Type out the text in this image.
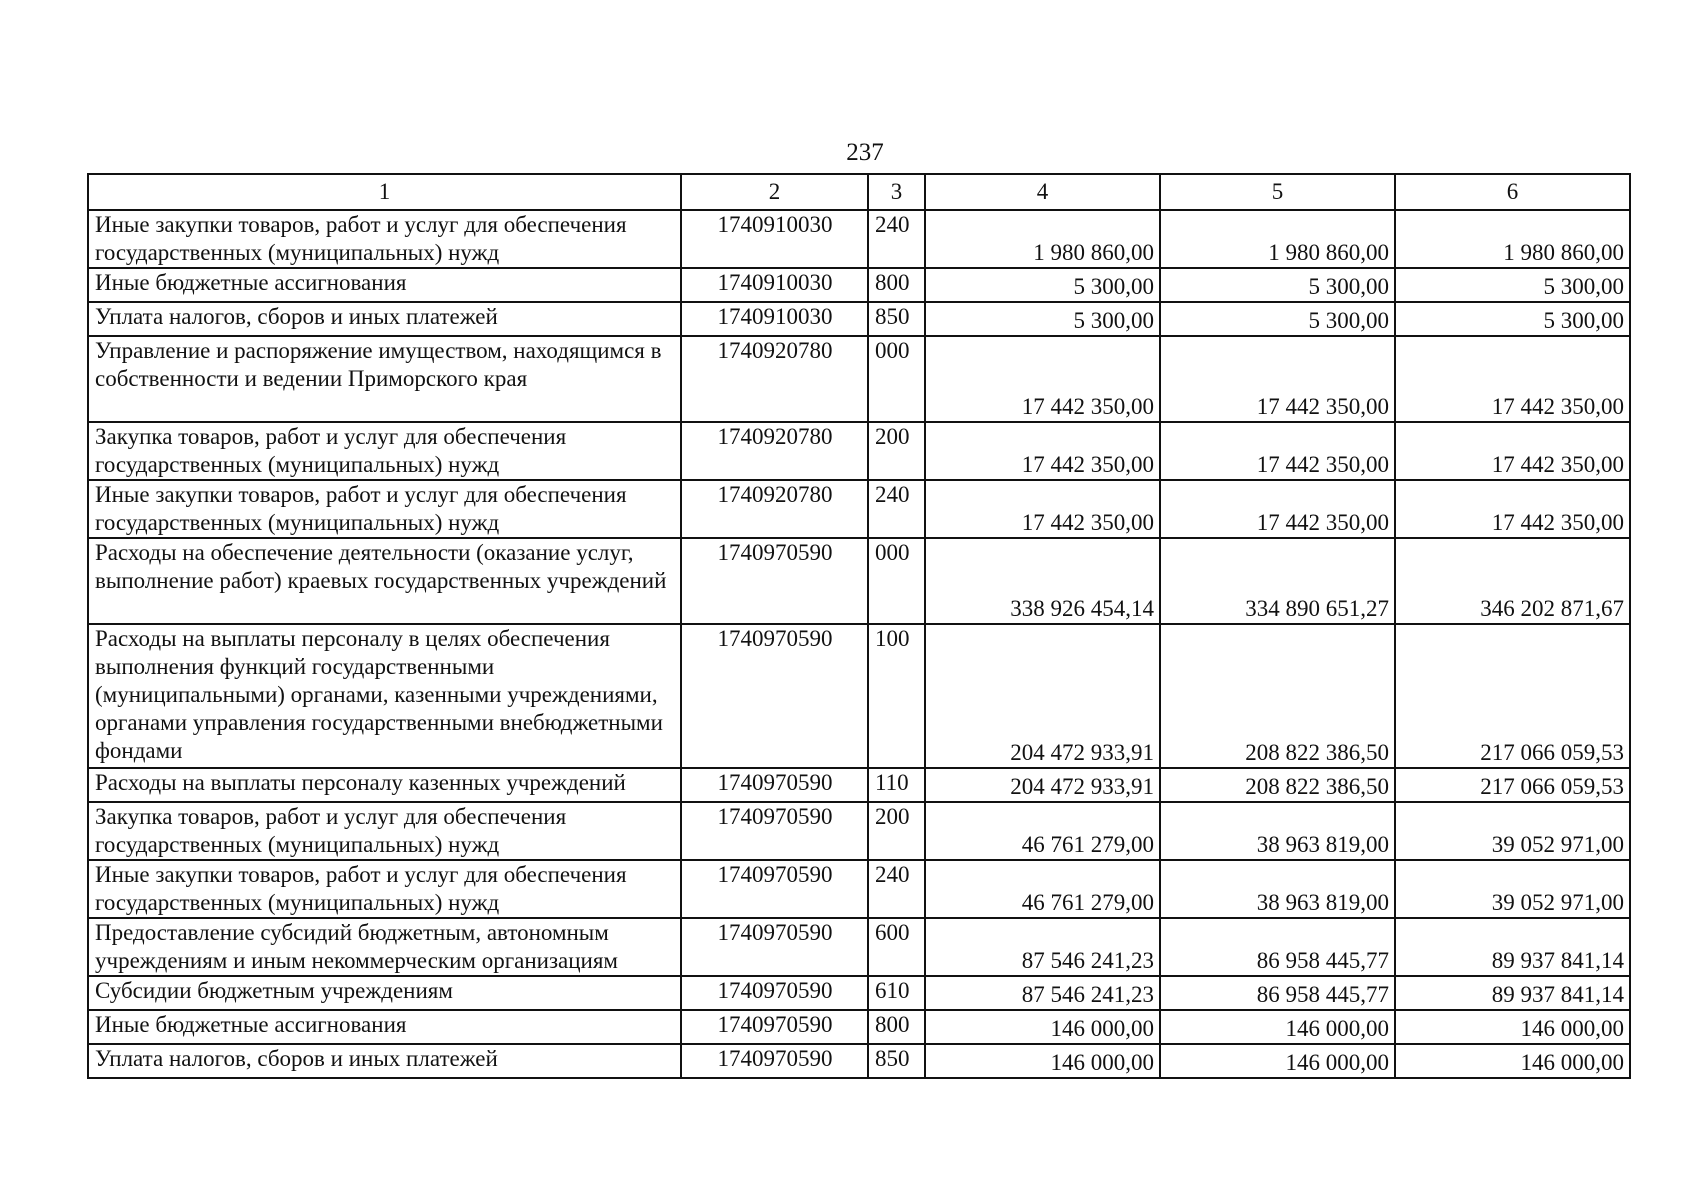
237
1	2	3	4	5	6
Иные закупки товаров, работ и услуг для обеспечения государственных (муниципальных) нужд	1740910030	240	1 980 860,00	1 980 860,00	1 980 860,00
Иные бюджетные ассигнования	1740910030	800	5 300,00	5 300,00	5 300,00
Уплата налогов, сборов и иных платежей	1740910030	850	5 300,00	5 300,00	5 300,00
Управление и распоряжение имуществом, находящимся в собственности и ведении Приморского края	1740920780	000	17 442 350,00	17 442 350,00	17 442 350,00
Закупка товаров, работ и услуг для обеспечения государственных (муниципальных) нужд	1740920780	200	17 442 350,00	17 442 350,00	17 442 350,00
Иные закупки товаров, работ и услуг для обеспечения государственных (муниципальных) нужд	1740920780	240	17 442 350,00	17 442 350,00	17 442 350,00
Расходы на обеспечение деятельности (оказание услуг, выполнение работ) краевых государственных учреждений	1740970590	000	338 926 454,14	334 890 651,27	346 202 871,67
Расходы на выплаты персоналу в целях обеспечения выполнения функций государственными (муниципальными) органами, казенными учреждениями, органами управления государственными внебюджетными фондами	1740970590	100	204 472 933,91	208 822 386,50	217 066 059,53
Расходы на выплаты персоналу казенных учреждений	1740970590	110	204 472 933,91	208 822 386,50	217 066 059,53
Закупка товаров, работ и услуг для обеспечения государственных (муниципальных) нужд	1740970590	200	46 761 279,00	38 963 819,00	39 052 971,00
Иные закупки товаров, работ и услуг для обеспечения государственных (муниципальных) нужд	1740970590	240	46 761 279,00	38 963 819,00	39 052 971,00
Предоставление субсидий бюджетным, автономным учреждениям и иным некоммерческим организациям	1740970590	600	87 546 241,23	86 958 445,77	89 937 841,14
Субсидии бюджетным учреждениям	1740970590	610	87 546 241,23	86 958 445,77	89 937 841,14
Иные бюджетные ассигнования	1740970590	800	146 000,00	146 000,00	146 000,00
Уплата налогов, сборов и иных платежей	1740970590	850	146 000,00	146 000,00	146 000,00
